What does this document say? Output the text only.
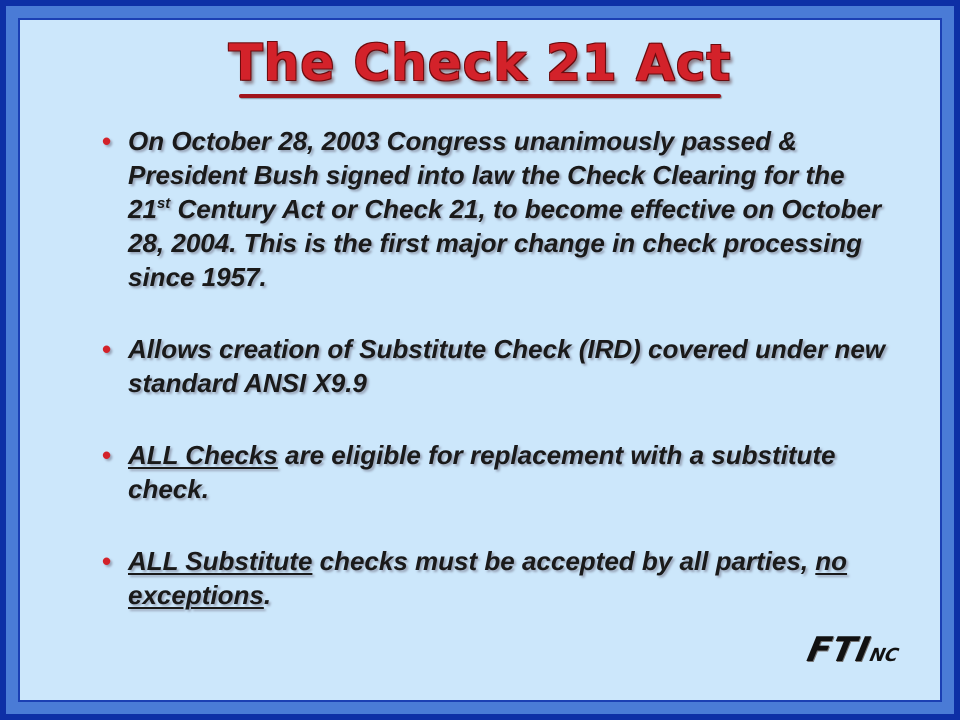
The Check 21 Act
• On October 28, 2003 Congress unanimously passed & President Bush signed into law the Check Clearing for the 21st Century Act or Check 21, to become effective on October 28, 2004. This is the first major change in check processing since 1957.
• Allows creation of Substitute Check (IRD) covered under new standard ANSI X9.9
• ALL Checks are eligible for replacement with a substitute check.
• ALL Substitute checks must be accepted by all parties, no exceptions.
FTINC
